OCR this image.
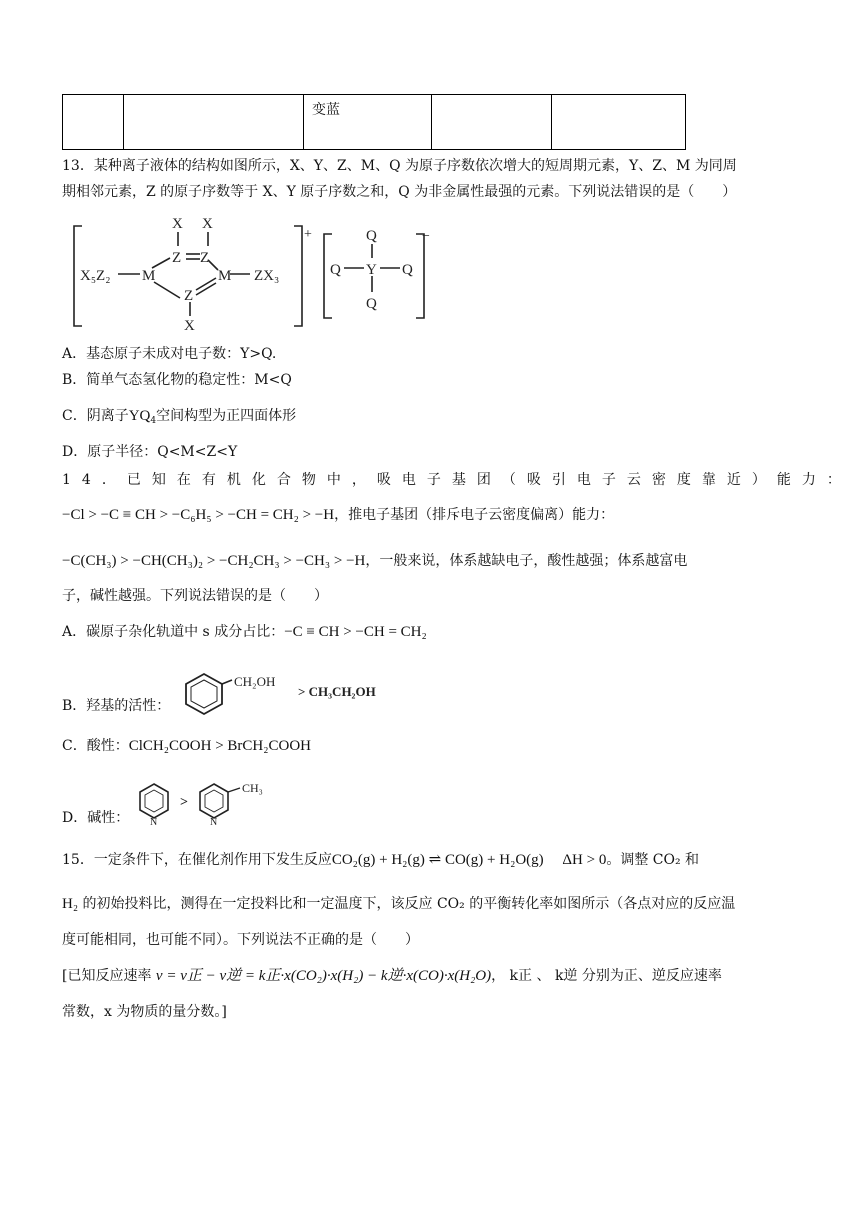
变蓝
13．某种离子液体的结构如图所示，X、Y、Z、M、Q 为原子序数依次增大的短周期元素，Y、Z、M 为同周
期相邻元素，Z 的原子序数等于 X、Y 原子序数之和，Q 为非金属性最强的元素。下列说法错误的是（　　）
X₅Z₂ M
Z Z
X X
M
Z
X
ZX₃
+	Q
Q Y Q
Q
−
A．基态原子未成对电子数：Y>Q.
B．简单气态氢化物的稳定性：M<Q
C．阴离子$YQ_4$空间构型为正四面体形
D．原子半径：Q<M<Z<Y
14．已知在有机化合物中，吸电子基团（吸引电子云密度靠近）能力：
−Cl > −C ≡ CH > −C₆H₅ > −CH = CH₂ > −H，推电子基团（排斥电子云密度偏离）能力：
−C(CH₃) > −CH(CH₃)₂ > −CH₂CH₃ > −CH₃ > −H，一般来说，体系越缺电子，酸性越强；体系越富电
子，碱性越强。下列说法错误的是（　　）
A．碳原子杂化轨道中 s 成分占比：−C ≡ CH > −CH = CH₂
B．羟基的活性：
CH₂OH
> CH₃CH₂OH
C．酸性：ClCH₂COOH > BrCH₂COOH
D．碱性： N
>
N
CH₃
15．一定条件下，在催化剂作用下发生反应CO₂(g) + H₂(g) ⇌ CO(g) + H₂O(g)　 ΔH > 0。调整 CO₂ 和
H₂ 的初始投料比，测得在一定投料比和一定温度下，该反应 CO₂ 的平衡转化率如图所示（各点对应的反应温
度可能相同，也可能不同）。下列说法不正确的是（　　）
[已知反应速率 v = v正 − v逆 = k正·x(CO₂)·x(H₂) − k逆·x(CO)·x(H₂O)， k正 、 k逆 分别为正、逆反应速率
常数，x 为物质的量分数。]
